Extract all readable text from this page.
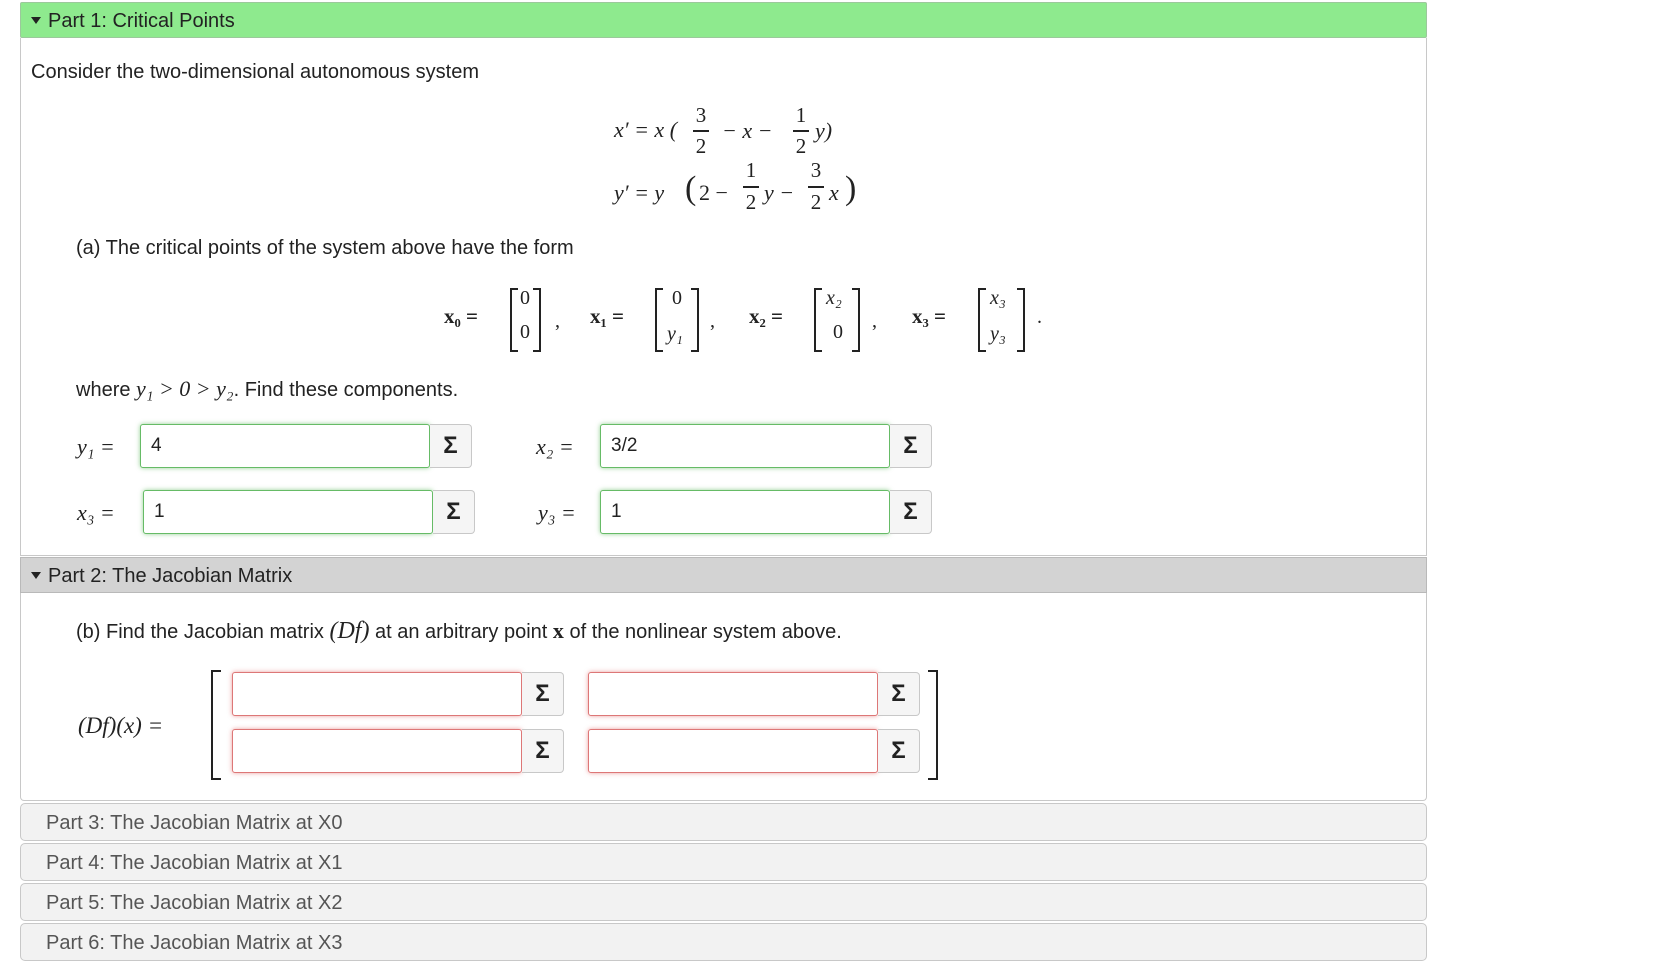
Part 1: Critical Points
Consider the two-dimensional autonomous system
x′ = x (
3
2
− x −
1
2
y)
y′ = y ( 2 −
1
2 y −
3
2 x )
(a) The critical points of the system above have the form
x₀ =
0
0 , x₁ =
0
y₁
, x₂ =
x₂
0 , x₃ =
x₃
y₃
.
where y₁ > 0 > y₂. Find these components.
y₁ =	4	Σ	x₂ =	3/2	Σ
x₃ =	1	Σ	y₃ =	1	Σ
Part 2: The Jacobian Matrix
(b) Find the Jacobian matrix (Df) at an arbitrary point x of the nonlinear system above.
(Df)(x) =
Σ	Σ
Σ	Σ
Part 3: The Jacobian Matrix at X0
Part 4: The Jacobian Matrix at X1
Part 5: The Jacobian Matrix at X2
Part 6: The Jacobian Matrix at X3
